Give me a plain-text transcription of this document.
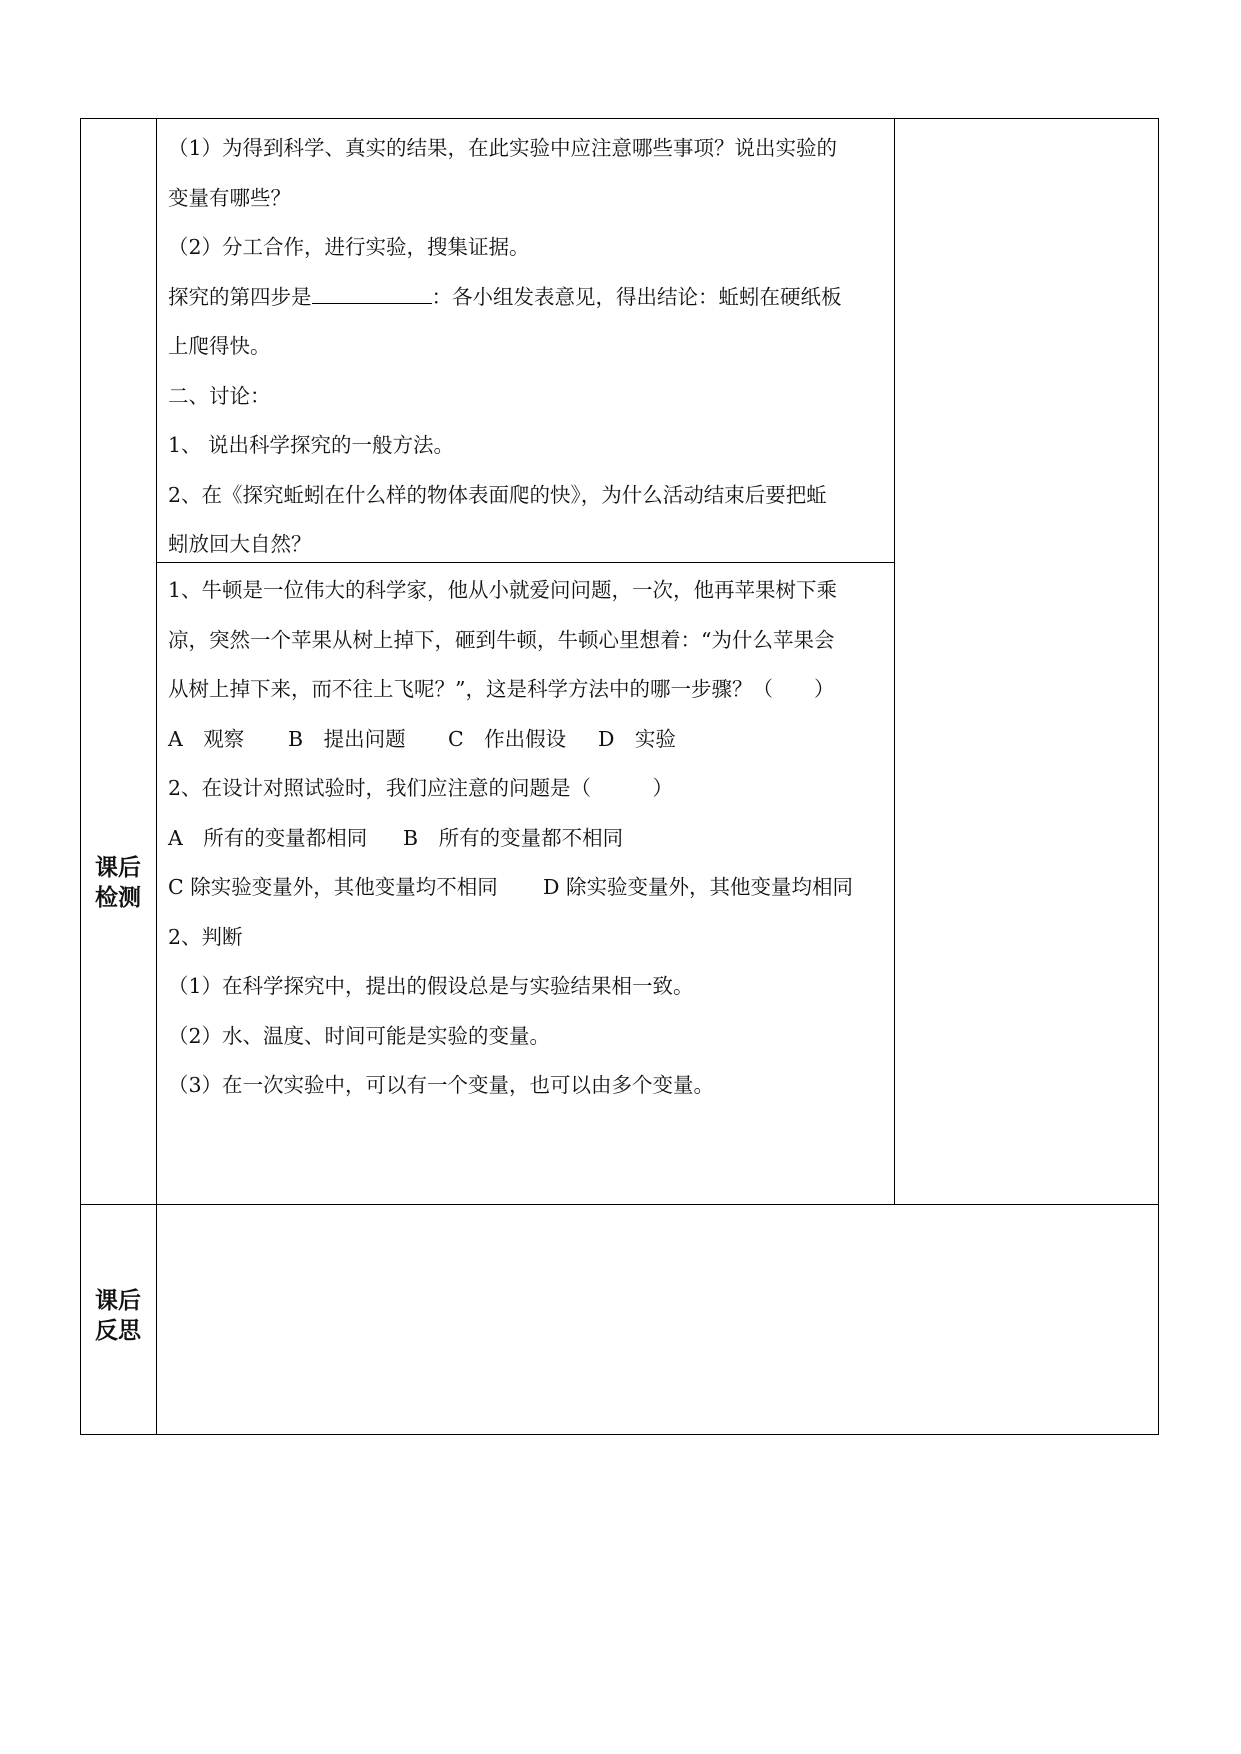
（1）为得到科学、真实的结果，在此实验中应注意哪些事项？说出实验的
变量有哪些？
（2）分工合作，进行实验，搜集证据。
探究的第四步是	：各小组发表意见，得出结论：蚯蚓在硬纸板
上爬得快。
二、讨论：
1、 说出科学探究的一般方法。
2、在《探究蚯蚓在什么样的物体表面爬的快》，为什么活动结束后要把蚯
蚓放回大自然？
课后
检测
1、牛顿是一位伟大的科学家，他从小就爱问问题，一次，他再苹果树下乘
凉，突然一个苹果从树上掉下，砸到牛顿，牛顿心里想着：“为什么苹果会
从树上掉下来，而不往上飞呢？”，这是科学方法中的哪一步骤？（　　）
A　观察 B　提出问题 C　作出假设 D　实验
2、在设计对照试验时，我们应注意的问题是（　　　）
A　所有的变量都相同 B　所有的变量都不相同
C 除实验变量外，其他变量均不相同 D 除实验变量外，其他变量均相同
2、判断
（1）在科学探究中，提出的假设总是与实验结果相一致。
（2）水、温度、时间可能是实验的变量。
（3）在一次实验中，可以有一个变量，也可以由多个变量。
课后
反思
